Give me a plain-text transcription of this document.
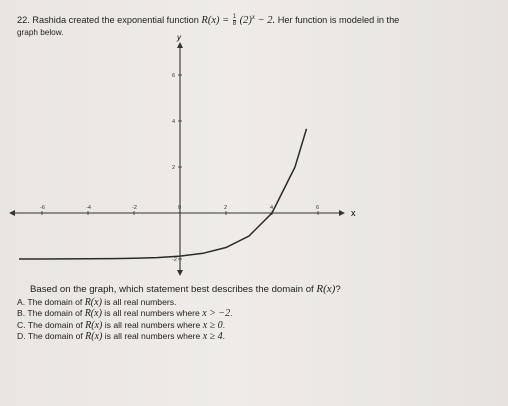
22. Rashida created the exponential function $R(x) = \frac{1}{8} (2)^x - 2$. Her function is modeled in the
graph below.
x
y
-6	-4	-2	0	2	4	6
6
4
2
-2
Based on the graph, which statement best describes the domain of R(x)?
A. The domain of R(x) is all real numbers.
B. The domain of R(x) is all real numbers where x > −2.
C. The domain of R(x) is all real numbers where x ≥ 0.
D. The domain of R(x) is all real numbers where x ≥ 4.
